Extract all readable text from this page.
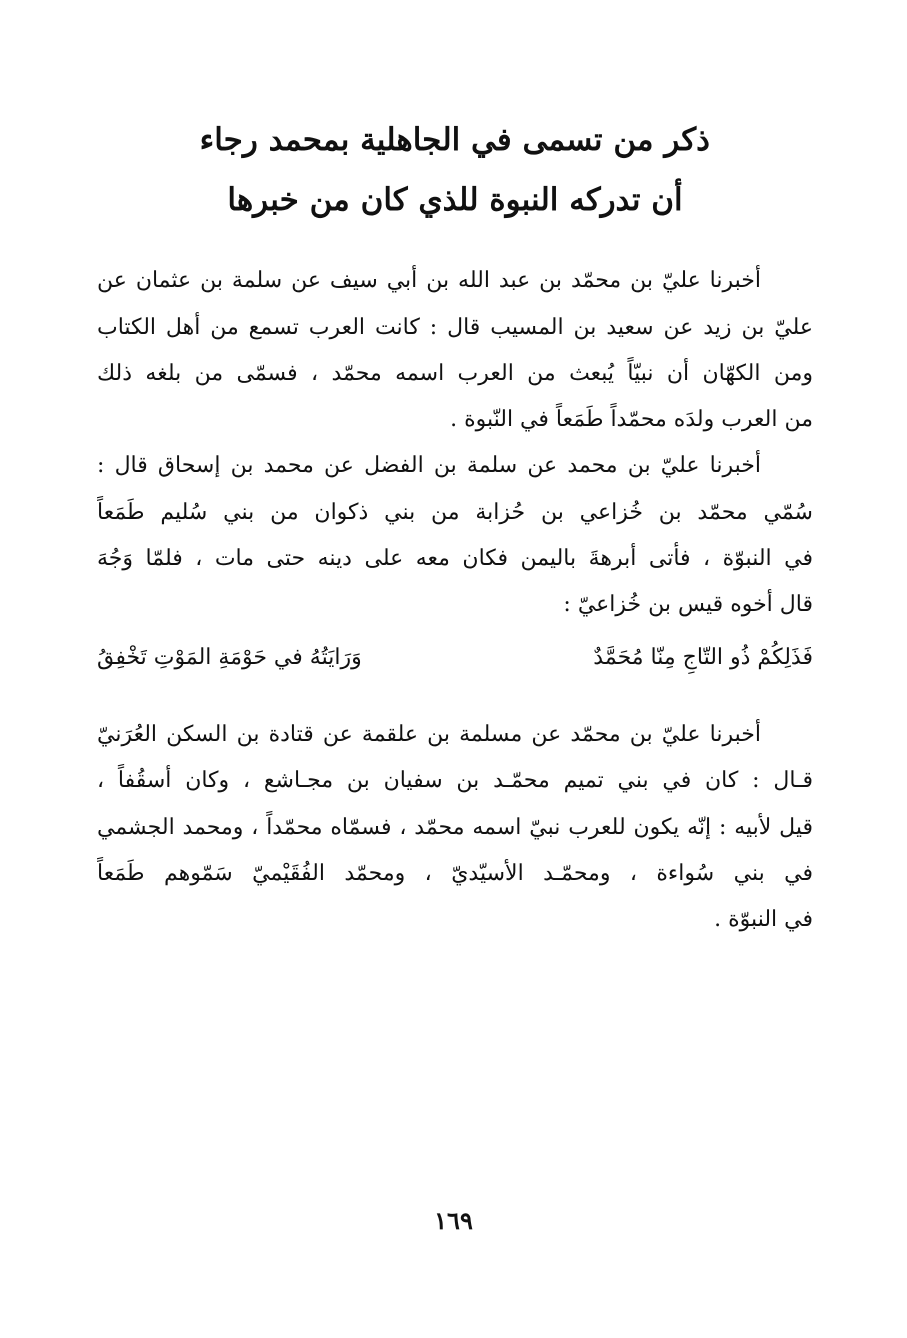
ذكر من تسمى في الجاهلية بمحمد رجاء
أن تدركه النبوة للذي كان من خبرها
أخبرنا عليّ بن محمّد بن عبد الله بن أبي سيف عن سلمة بن عثمان عن
عليّ بن زيد عن سعيد بن المسيب قال : كانت العرب تسمع من أهل الكتاب
ومن الكهّان أن نبيّاً يُبعث من العرب اسمه محمّد ، فسمّى من بلغه ذلك
من العرب ولدَه محمّداً طَمَعاً في النّبوة .
أخبرنا عليّ بن محمد عن سلمة بن الفضل عن محمد بن إسحاق قال :
سُمّي محمّد بن خُزاعي بن حُزابة من بني ذكوان من بني سُليم طَمَعاً
في النبوّة ، فأتى أبرهةَ باليمن فكان معه على دينه حتى مات ، فلمّا وَجُهَ
قال أخوه قيس بن خُزاعيّ :
فَذَلِكُمْ ذُو التّاجِ مِنّا مُحَمَّدٌ
وَرَايَتُهُ في حَوْمَةِ المَوْتِ تَخْفِقُ
أخبرنا عليّ بن محمّد عن مسلمة بن علقمة عن قتادة بن السكن العُرَنيّ
قـال : كان في بني تميم محمّـد بن سفيان بن مجـاشع ، وكان أسقُفاً ،
قيل لأبيه : إنّه يكون للعرب نبيّ اسمه محمّد ، فسمّاه محمّداً ، ومحمد الجشمي
في بني سُواءة ، ومحمّـد الأسيّديّ ، ومحمّد الفُقَيْميّ سَمّوهم طَمَعاً
في النبوّة .
١٦٩
